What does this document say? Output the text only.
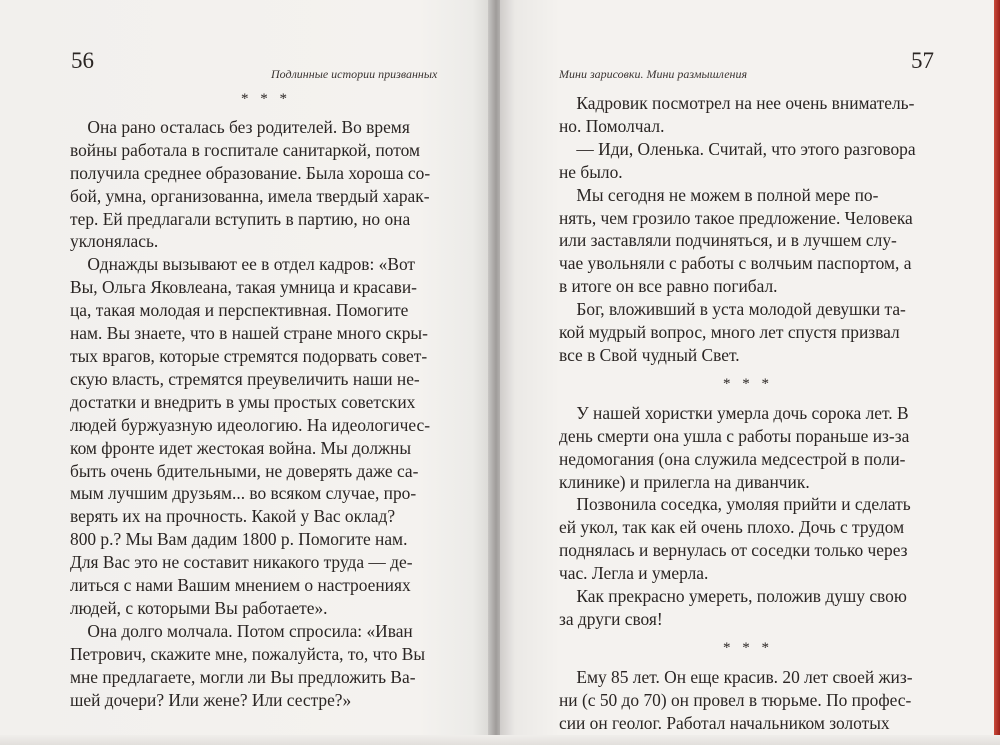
56
Подлинные истории призванных
* * *
Она рано осталась без родителей. Во время
войны работала в госпитале санитаркой, потом
получила среднее образование. Была хороша со-
бой, умна, организованна, имела твердый харак-
тер. Ей предлагали вступить в партию, но она
уклонялась.
Однажды вызывают ее в отдел кадров: «Вот
Вы, Ольга Яковлеана, такая умница и красави-
ца, такая молодая и перспективная. Помогите
нам. Вы знаете, что в нашей стране много скры-
тых врагов, которые стремятся подорвать совет-
скую власть, стремятся преувеличить наши не-
достатки и внедрить в умы простых советских
людей буржуазную идеологию. На идеологичес-
ком фронте идет жестокая война. Мы должны
быть очень бдительными, не доверять даже са-
мым лучшим друзьям... во всяком случае, про-
верять их на прочность. Какой у Вас оклад?
800 р.? Мы Вам дадим 1800 р. Помогите нам.
Для Вас это не составит никакого труда — де-
литься с нами Вашим мнением о настроениях
людей, с которыми Вы работаете».
Она долго молчала. Потом спросила: «Иван
Петрович, скажите мне, пожалуйста, то, что Вы
мне предлагаете, могли ли Вы предложить Ва-
шей дочери? Или жене? Или сестре?»
57
Мини зарисовки. Мини размышления
Кадровик посмотрел на нее очень вниматель-
но. Помолчал.
— Иди, Оленька. Считай, что этого разговора
не было.
Мы сегодня не можем в полной мере по-
нять, чем грозило такое предложение. Человека
или заставляли подчиняться, и в лучшем слу-
чае увольняли с работы с волчьим паспортом, а
в итоге он все равно погибал.
Бог, вложивший в уста молодой девушки та-
кой мудрый вопрос, много лет спустя призвал
все в Свой чудный Свет.
* * *
У нашей хористки умерла дочь сорока лет. В
день смерти она ушла с работы пораньше из-за
недомогания (она служила медсестрой в поли-
клинике) и прилегла на диванчик.
Позвонила соседка, умоляя прийти и сделать
ей укол, так как ей очень плохо. Дочь с трудом
поднялась и вернулась от соседки только через
час. Легла и умерла.
Как прекрасно умереть, положив душу свою
за други своя!
* * *
Ему 85 лет. Он еще красив. 20 лет своей жиз-
ни (с 50 до 70) он провел в тюрьме. По профес-
сии он геолог. Работал начальником золотых
